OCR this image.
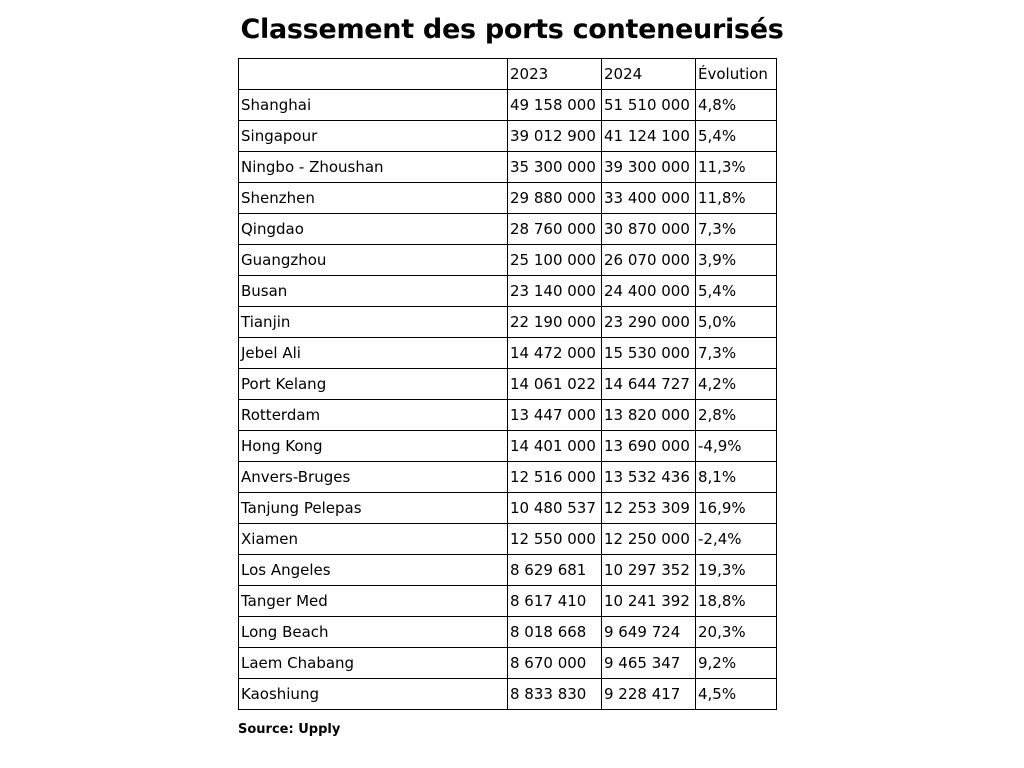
Classement des ports conteneurisés
	2023	2024	Évolution
Shanghai	49 158 000	51 510 000	4,8%
Singapour	39 012 900	41 124 100	5,4%
Ningbo - Zhoushan	35 300 000	39 300 000	11,3%
Shenzhen	29 880 000	33 400 000	11,8%
Qingdao	28 760 000	30 870 000	7,3%
Guangzhou	25 100 000	26 070 000	3,9%
Busan	23 140 000	24 400 000	5,4%
Tianjin	22 190 000	23 290 000	5,0%
Jebel Ali	14 472 000	15 530 000	7,3%
Port Kelang	14 061 022	14 644 727	4,2%
Rotterdam	13 447 000	13 820 000	2,8%
Hong Kong	14 401 000	13 690 000	-4,9%
Anvers-Bruges	12 516 000	13 532 436	8,1%
Tanjung Pelepas	10 480 537	12 253 309	16,9%
Xiamen	12 550 000	12 250 000	-2,4%
Los Angeles	8 629 681	10 297 352	19,3%
Tanger Med	8 617 410	10 241 392	18,8%
Long Beach	8 018 668	9 649 724	20,3%
Laem Chabang	8 670 000	9 465 347	9,2%
Kaoshiung	8 833 830	9 228 417	4,5%
Source: Upply
